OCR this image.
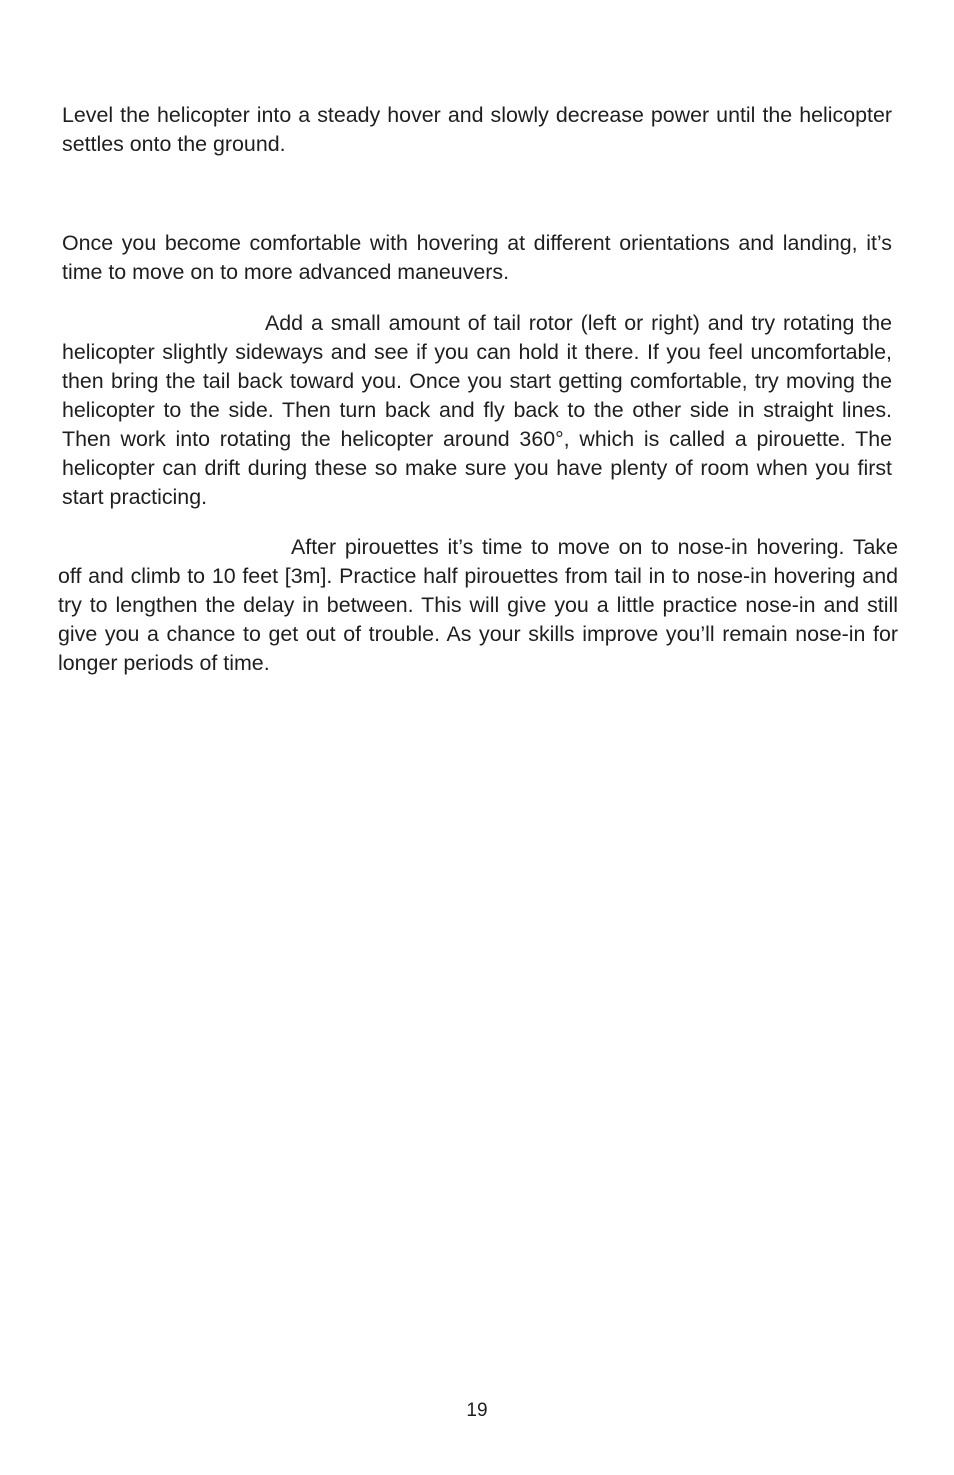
Level the helicopter into a steady hover and slowly decrease power until the helicopter settles onto the ground.

Once you become comfortable with hovering at different orientations and landing, it’s time to move on to more advanced maneuvers.

Add a small amount of tail rotor (left or right) and try rotating the helicopter slightly sideways and see if you can hold it there. If you feel uncomfortable, then bring the tail back toward you. Once you start getting comfortable, try moving the helicopter to the side. Then turn back and fly back to the other side in straight lines. Then work into rotating the helicopter around 360°, which is called a pirouette. The helicopter can drift during these so make sure you have plenty of room when you first start practicing.

After pirouettes it’s time to move on to nose-in hovering. Take off and climb to 10 feet [3m]. Practice half pirouettes from tail in to nose-in hovering and try to lengthen the delay in between. This will give you a little practice nose-in and still give you a chance to get out of trouble. As your skills improve you’ll remain nose-in for longer periods of time.

19
